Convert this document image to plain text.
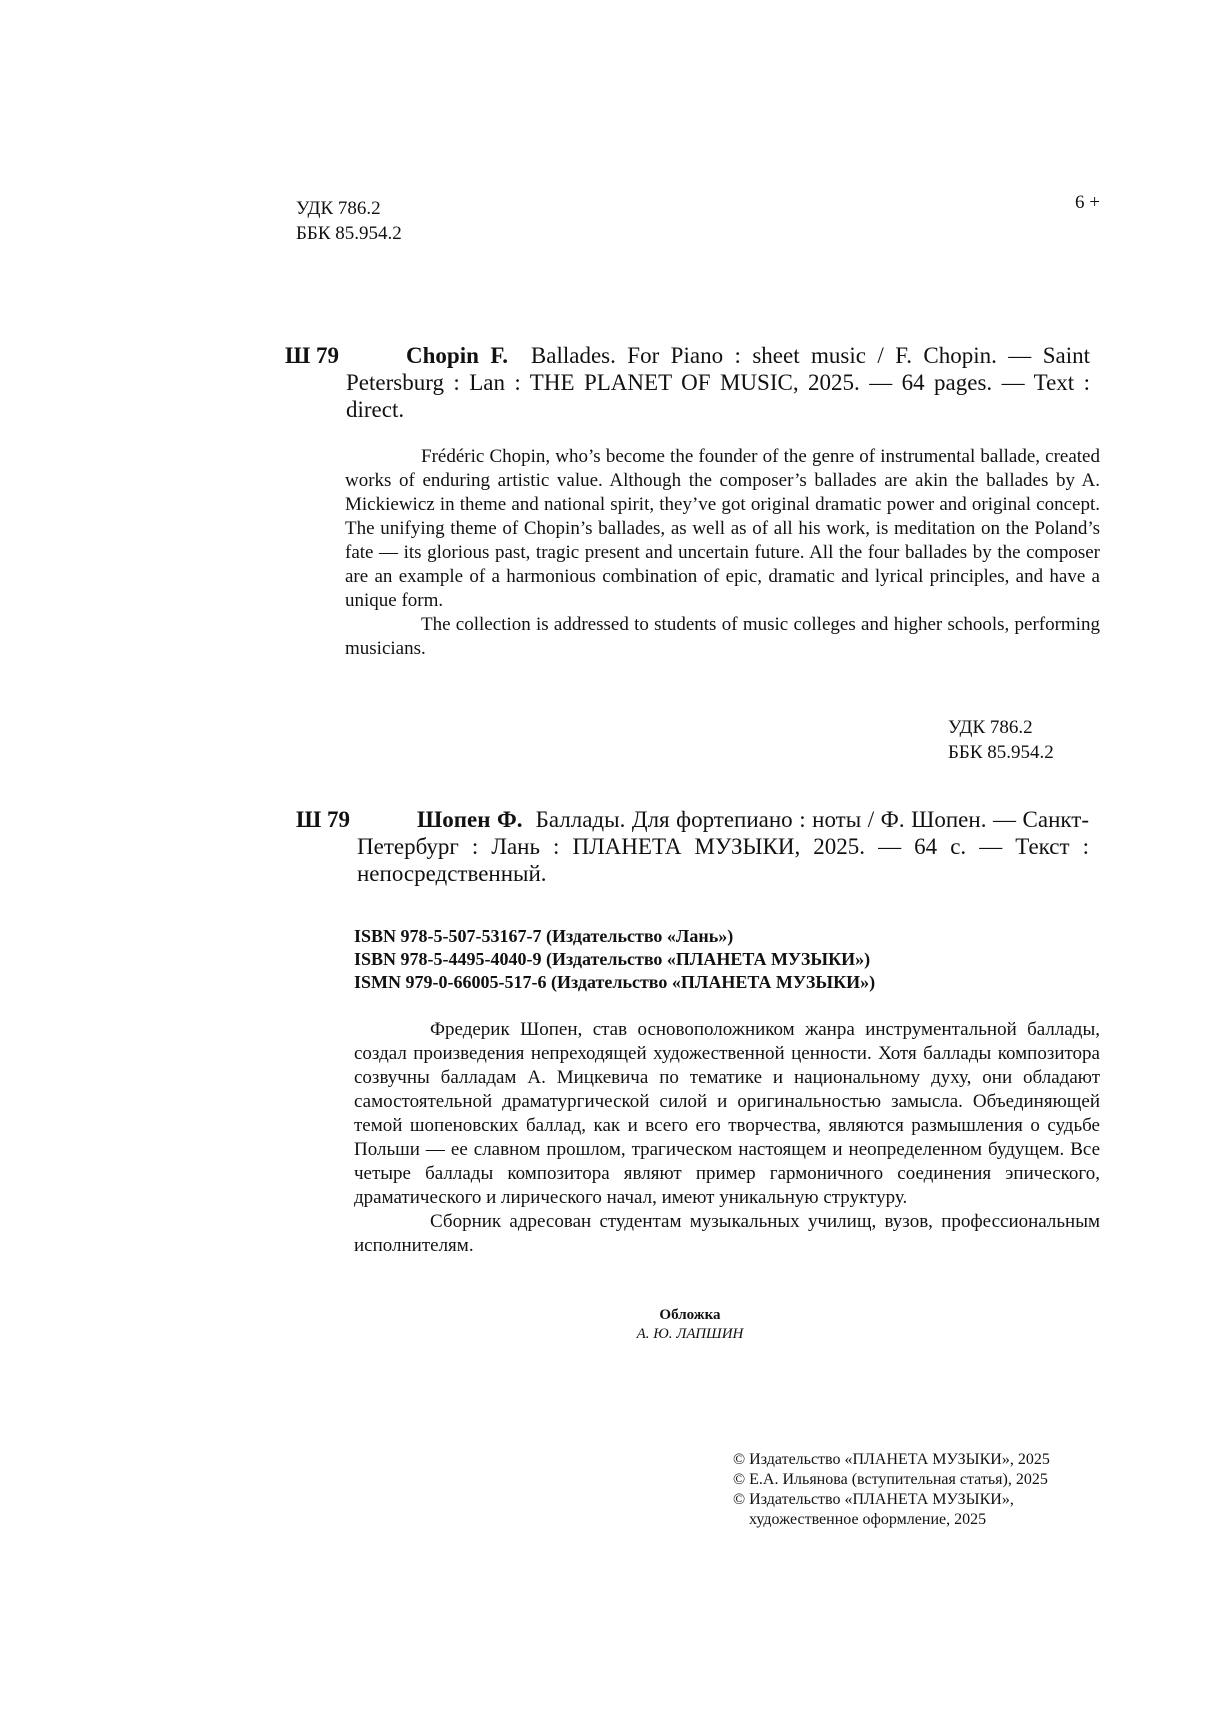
УДК 786.2
ББК 85.954.2
6 +
Ш 79	Chopin F. Ballades. For Piano : sheet music / F. Chopin. — Saint Petersburg : Lan : THE PLANET OF MUSIC, 2025. — 64 pages. — Text : direct.

Frédéric Chopin, who’s become the founder of the genre of instrumental ballade, created works of enduring artistic value. Although the composer’s ballades are akin the ballades by A. Mickiewicz in theme and national spirit, they’ve got original dramatic power and original concept. The unifying theme of Chopin’s ballades, as well as of all his work, is meditation on the Poland’s fate — its glorious past, tragic present and uncertain future. All the four ballades by the composer are an example of a harmonious combination of epic, dramatic and lyrical principles, and have a unique form.

The collection is addressed to students of music colleges and higher schools, performing musicians.

УДК 786.2
ББК 85.954.2
Ш 79	Шопен Ф. Баллады. Для фортепиано : ноты / Ф. Шопен. — Санкт-Петербург : Лань : ПЛАНЕТА МУЗЫКИ, 2025. — 64 с. — Текст : непосредственный.
ISBN 978-5-507-53167-7 (Издательство «Лань»)
ISBN 978-5-4495-4040-9 (Издательство «ПЛАНЕТА МУЗЫКИ»)
ISMN 979-0-66005-517-6 (Издательство «ПЛАНЕТА МУЗЫКИ»)

Фредерик Шопен, став основоположником жанра инструментальной баллады, создал произведения непреходящей художественной ценности. Хотя баллады композитора созвучны балладам А. Мицкевича по тематике и национальному духу, они обладают самостоятельной драматургической силой и оригинальностью замысла. Объединяющей темой шопеновских баллад, как и всего его творчества, являются размышления о судьбе Польши — ее славном прошлом, трагическом настоящем и неопределенном будущем. Все четыре баллады композитора являют пример гармоничного соединения эпического, драматического и лирического начал, имеют уникальную структуру.

Сборник адресован студентам музыкальных училищ, вузов, профессиональным исполнителям.

Обложка
А. Ю. ЛАПШИН
© Издательство «ПЛАНЕТА МУЗЫКИ», 2025
© Е.А. Ильянова (вступительная статья), 2025
© Издательство «ПЛАНЕТА МУЗЫКИ»,
художественное оформление, 2025
